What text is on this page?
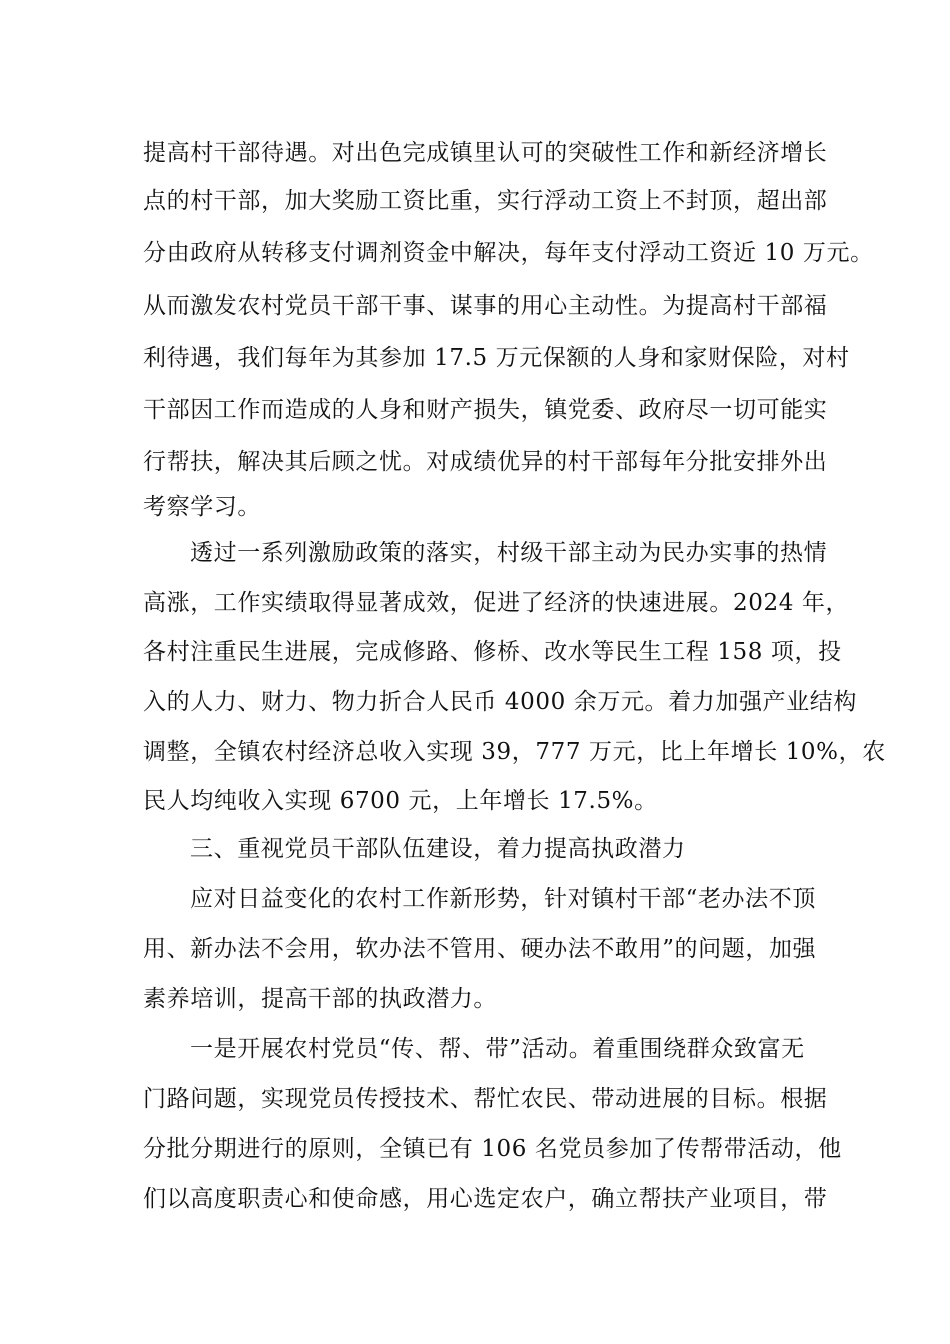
提高村干部待遇。对出色完成镇里认可的突破性工作和新经济增长
点的村干部，加大奖励工资比重，实行浮动工资上不封顶，超出部
分由政府从转移支付调剂资金中解决，每年支付浮动工资近 10 万元。
从而激发农村党员干部干事、谋事的用心主动性。为提高村干部福
利待遇，我们每年为其参加 17.5 万元保额的人身和家财保险，对村
干部因工作而造成的人身和财产损失，镇党委、政府尽一切可能实
行帮扶，解决其后顾之忧。对成绩优异的村干部每年分批安排外出
考察学习。
透过一系列激励政策的落实，村级干部主动为民办实事的热情
高涨，工作实绩取得显著成效，促进了经济的快速进展。2024 年，
各村注重民生进展，完成修路、修桥、改水等民生工程 158 项，投
入的人力、财力、物力折合人民币 4000 余万元。着力加强产业结构
调整，全镇农村经济总收入实现 39，777 万元，比上年增长 10%，农
民人均纯收入实现 6700 元，上年增长 17.5%。
三、重视党员干部队伍建设，着力提高执政潜力
应对日益变化的农村工作新形势，针对镇村干部“老办法不顶
用、新办法不会用，软办法不管用、硬办法不敢用”的问题，加强
素养培训，提高干部的执政潜力。
一是开展农村党员“传、帮、带”活动。着重围绕群众致富无
门路问题，实现党员传授技术、帮忙农民、带动进展的目标。根据
分批分期进行的原则，全镇已有 106 名党员参加了传帮带活动，他
们以高度职责心和使命感，用心选定农户，确立帮扶产业项目，带
